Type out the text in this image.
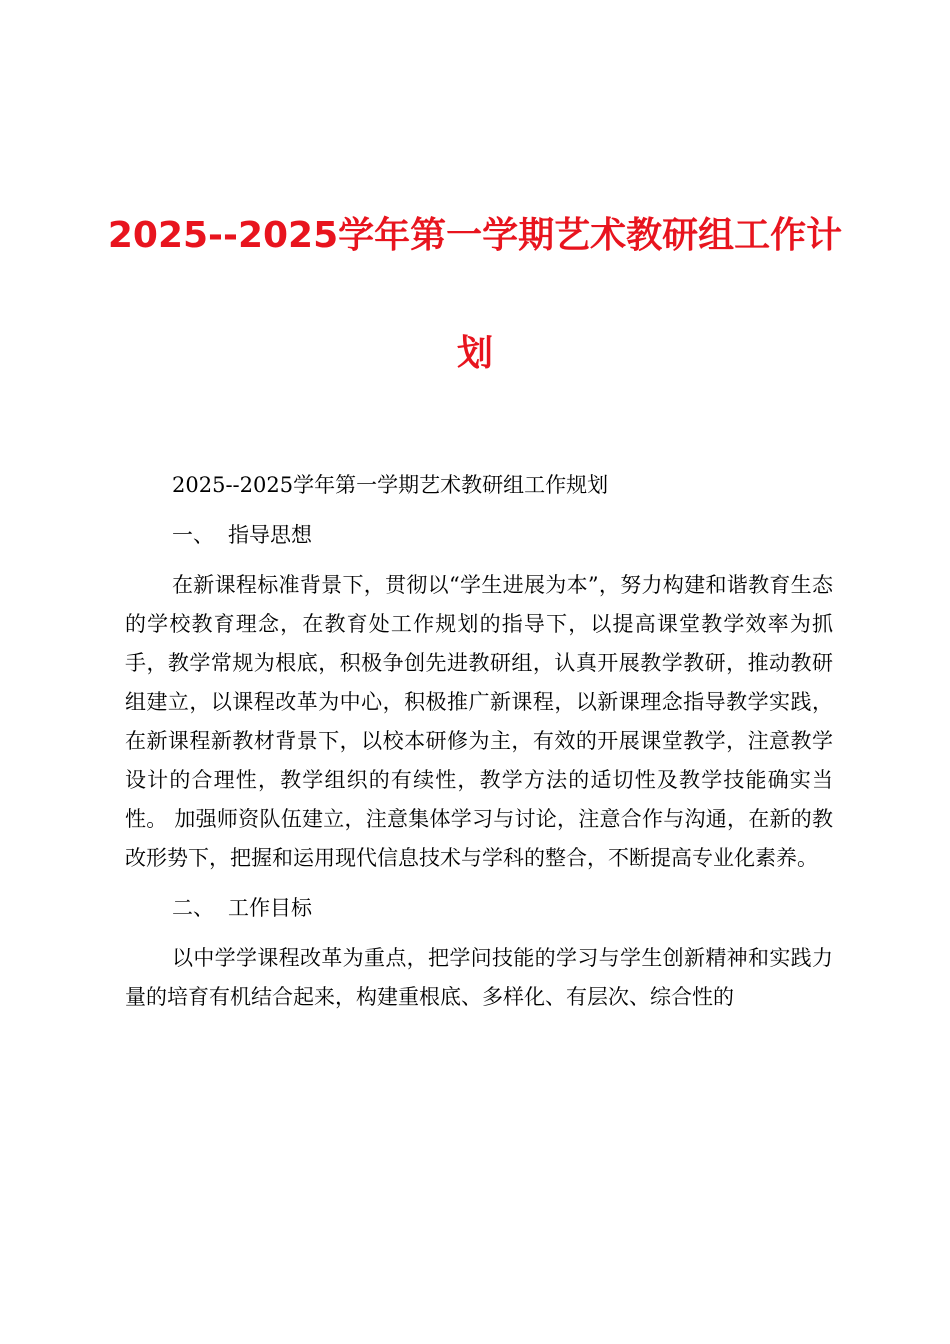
2025--2025学年第一学期艺术教研组工作计
划

2025--2025学年第一学期艺术教研组工作规划

一、 指导思想

在新课程标准背景下，贯彻以“学生进展为本”，努力构建和谐教育生态的学校教育理念，在教育处工作规划的指导下，以提高课堂教学效率为抓手，教学常规为根底，积极争创先进教研组，认真开展教学教研，推动教研组建立，以课程改革为中心，积极推广新课程，以新课理念指导教学实践，在新课程新教材背景下，以校本研修为主，有效的开展课堂教学，注意教学设计的合理性，教学组织的有续性，教学方法的适切性及教学技能确实当性。 加强师资队伍建立，注意集体学习与讨论，注意合作与沟通，在新的教改形势下，把握和运用现代信息技术与学科的整合，不断提高专业化素养。

二、 工作目标

以中学学课程改革为重点，把学问技能的学习与学生创新精神和实践力量的培育有机结合起来，构建重根底、多样化、有层次、综合性的
